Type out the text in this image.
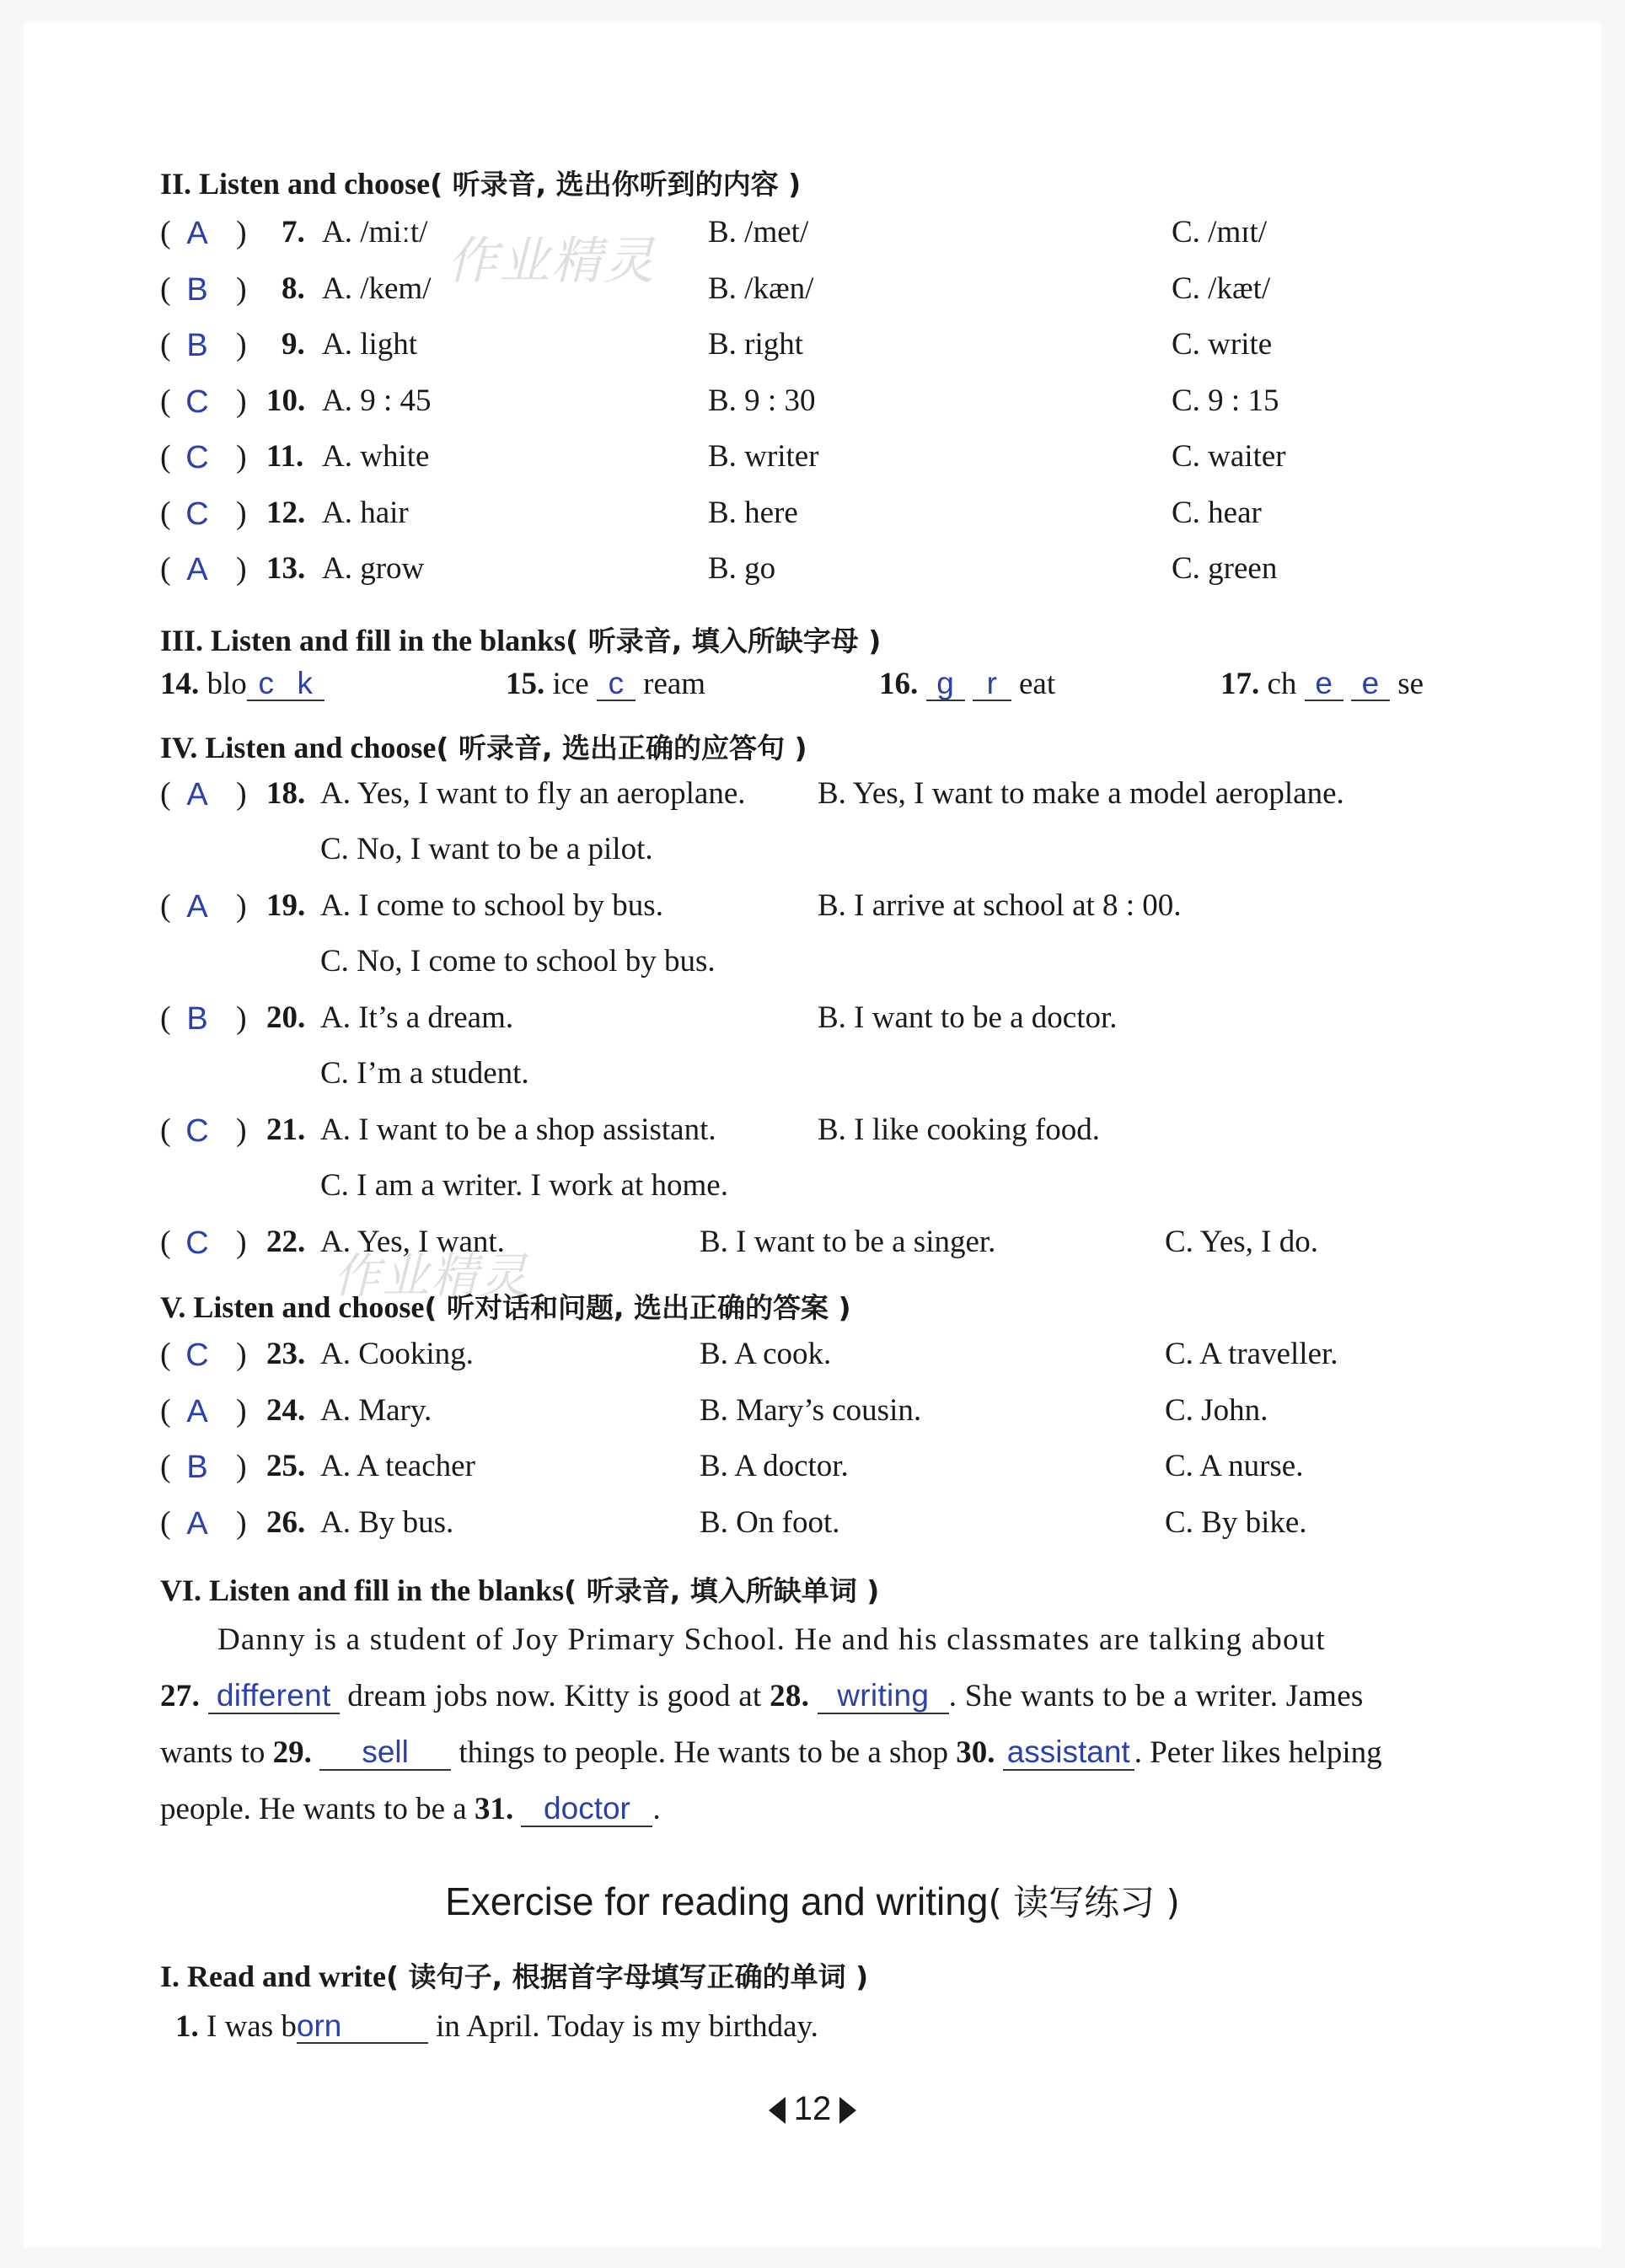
作业精灵
作业精灵
II. Listen and choose( 听录音, 选出你听到的内容 )
( A ) 7. A. /miːt/	B. /met/	C. /mɪt/
( B ) 8. A. /kem/	B. /kæn/	C. /kæt/
( B ) 9. A. light	B. right	C. write
( C ) 10. A. 9 : 45	B. 9 : 30	C. 9 : 15
( C ) 11. A. white	B. writer	C. waiter
( C ) 12. A. hair	B. here	C. hear
( A ) 13. A. grow	B. go	C. green
III. Listen and fill in the blanks( 听录音, 填入所缺字母 )
14. blo c k	15. ice c ream	16. g r eat	17. ch e e se
IV. Listen and choose( 听录音, 选出正确的应答句 )
( A ) 18. A. Yes, I want to fly an aeroplane. B. Yes, I want to make a model aeroplane.
C. No, I want to be a pilot.
( A ) 19. A. I come to school by bus.	B. I arrive at school at 8 : 00.
C. No, I come to school by bus.
( B ) 20. A. It’s a dream.	B. I want to be a doctor.
C. I’m a student.
( C ) 21. A. I want to be a shop assistant.	B. I like cooking food.
C. I am a writer. I work at home.
( C ) 22. A. Yes, I want.	B. I want to be a singer.	C. Yes, I do.
V. Listen and choose( 听对话和问题, 选出正确的答案 )
( C ) 23. A. Cooking.	B. A cook.	C. A traveller.
( A ) 24. A. Mary.	B. Mary’s cousin.	C. John.
( B ) 25. A. A teacher	B. A doctor.	C. A nurse.
( A ) 26. A. By bus.	B. On foot.	C. By bike.
VI. Listen and fill in the blanks( 听录音, 填入所缺单词 )
Danny is a student of Joy Primary School. He and his classmates are talking about
27. different dream jobs now. Kitty is good at 28. writing . She wants to be a writer. James
wants to 29. sell things to people. He wants to be a shop 30. assistant . Peter likes helping
people. He wants to be a 31. doctor .
Exercise for reading and writing( 读写练习 )
I. Read and write( 读句子, 根据首字母填写正确的单词 )
1. I was born	in April. Today is my birthday.
12
